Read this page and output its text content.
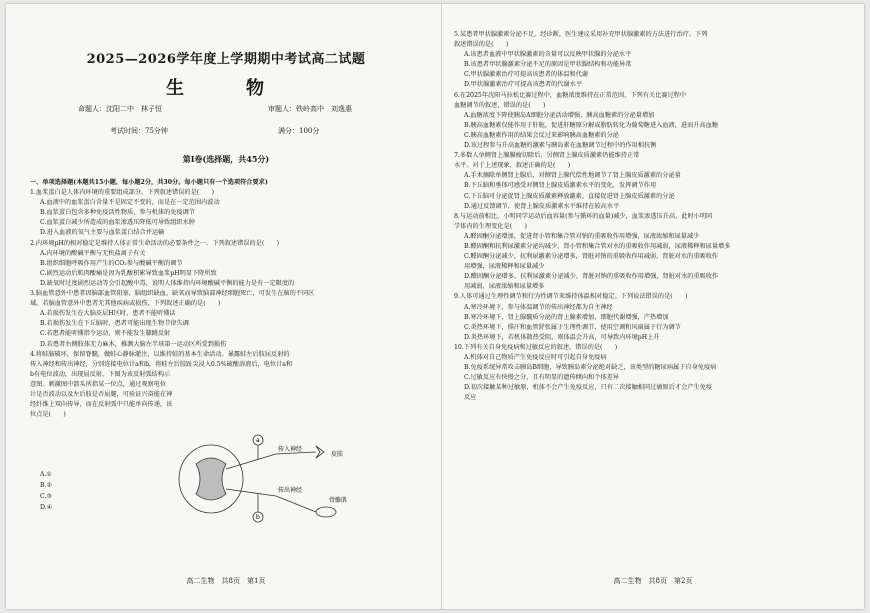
2025—2026学年度上学期期中考试高二试题
生　物
命题人：沈阳二中　林子恒	审题人：铁岭高中　刘逸惠
考试时间：75分钟	满分：100分
第Ⅰ卷(选择题，共45分)
一、单项选择题(本题共15小题，每小题2分，共30分。每小题只有一个选项符合要求)
1.血浆蛋白是人体内环境的重要组成部分，下列叙述错误的是(　　)
A.血液中的血浆蛋白含量不是固定不变的，而是在一定范围内波动
B.血浆蛋白包含多种免疫活性物质，参与机体的免疫调节
C.血浆蛋白减少所造成的血浆渗透压降低可导致组织水肿
D.进入血液的氧气主要与血浆蛋白结合并运输
2.内环境pH的相对稳定是维持人体正常生命活动的必要条件之一。下列叙述错误的是(　　)
A.内环境的酸碱平衡与无机盐离子有关
B.组织细胞呼吸作用产生的CO₂参与酸碱平衡的调节
C.剧烈运动后肌肉酸痛是因为乳酸积累导致血浆pH明显下降所致
D.缺氧时过度剧烈运动等会引起酸中毒，说明人体维持内环境酸碱平衡的能力是有一定限度的
3.脑血管意外中患者因脑部血管阻塞，脑组织缺血、缺氧而导致脑部神经细胞死亡，可发生在脑的不同区
域。若脑血管意外中患者无其他疾病或损伤，下列叙述正确的是(　　)
A.若损伤发生在大脑皮层H区时，患者不能听懂话
B.若损伤发生在下丘脑时，患者可能出现生物节律失调
C.若患者能听懂指令运动，则不能发生膝跳反射
D.若患者右侧肢体无力麻木，推测大脑左半球第一运动区所受到损伤
4.将蛙脑破坏，保留脊髓，做蛙心静脉灌注，以维持蛙的基本生命活动。暴露蛙左后肢屈反射的
传入神经和传出神经，分别连接电位计a和b。将蛙左后肢趾尖浸入0.5%硫酸溶液后，电位计a和
b有电位波动，出现屈反射。下图为该反射弧结构示
意图。刺激图中箭头所指某一位点，通过观察电位
计是否波动以及左后肢是否屈腿，可验证兴奋能在神
经纤维上双向传导，而在反射弧中只能单向传递，该
位点是(　　)
A.①
B.②
C.③
D.④
a
b
传入神经
传出神经
皮肤
骨骼肌
高二生物　共8页　第1页
5.某患者甲状腺激素分泌不足。经诊断，医生建议采用补充甲状腺激素的方法进行治疗。下列
叙述错误的是(　　)
A.该患者血液中甲状腺激素的含量可以反映甲状腺的分泌水平
B.该患者甲状腺激素分泌不足的原因是甲状腺结构和功能异常
C.甲状腺激素治疗可提高该患者的体温和代谢
D.甲状腺激素治疗可提高该患者的代谢水平
6.在2025年沈阳马拉松比赛过程中，血糖浓度维持在正常范围，下列有关比赛过程中
血糖调节的叙述，错误的是(　　)
A.血糖浓度下降使胰岛A细胞分泌活动增强，胰高血糖素的分泌量增加
B.胰高血糖素仅能作用于肝脏，促进肝糖原分解或脂肪转化为葡萄糖进入血液，进而升高血糖
C.胰高血糖素作用的结果会反过来影响胰高血糖素的分泌
D.该过程参与升高血糖的激素与胰岛素在血糖调节过程中的作用相抗衡
7.多数人单侧肾上腺腺瘤切除后，另侧肾上腺皮质激素仍能维持正常
水平。对于上述现象，叙述正确的是(　　)
A.手术摘除单侧肾上腺后，对侧肾上腺代偿性地调节了肾上腺皮质激素的分泌量
B.下丘脑和垂体可感受对侧肾上腺皮质激素水平的变化，发挥调节作用
C.下丘脑可分泌促肾上腺皮质激素释放激素，直接促进肾上腺皮质激素的分泌
D.通过反馈调节，使肾上腺皮质激素水平维持在较高水平
8.与运动前相比，小明同学运动后血容量(参与循环的血量)减少，血浆渗透压升高，此时小明同
学体内的生理变化是(　　)
A.醛固酮分泌增加，促进肾小管和集合管对钠的重吸收作用增强，尿液浓缩和尿量减少
B.醛固酮和抗利尿激素分泌均减少，肾小管和集合管对水的重吸收作用减弱，尿液稀释和尿量增多
C.醛固酮分泌减少，抗利尿激素分泌增多，肾脏对钠的重吸收作用减弱，肾脏对水的重吸收作
用增强，尿液稀释和尿量减少
D.醛固酮分泌增多，抗利尿激素分泌减少，肾脏对钠的重吸收作用增强，肾脏对水的重吸收作
用减弱，尿液浓缩和尿量增多
9.人体可通过生理性调节和行为性调节来维持体温相对稳定。下列说法错误的是(　　)
A.寒冷环境下，参与体温调节的传出神经都为自主神经
B.寒冷环境下，肾上腺髓质分泌的肾上腺素增加，细胞代谢增强，产热增加
C.炎热环境下，排汗和血管舒张属于生理性调节，使用空调和风扇属于行为调节
D.炎热环境下，若机体散热受阻，则体温会升高，可导致内环境pH上升
10.下列有关自身免疫病和过敏反应的叙述，错误的是(　　)
A.机体对自己物质产生免疫反应时可引起自身免疫病
B.免疫系统异常攻击胰岛B细胞，导致胰岛素分泌绝对缺乏，该类型的糖尿病属于自身免疫病
C.过敏反应有快慢之分，且有明显的遗传倾向和个体差异
D.初次接触某种过敏原，机体不会产生免疫反应，只有二次接触相同过敏原后才会产生免疫
反应
高二生物　共8页　第2页
